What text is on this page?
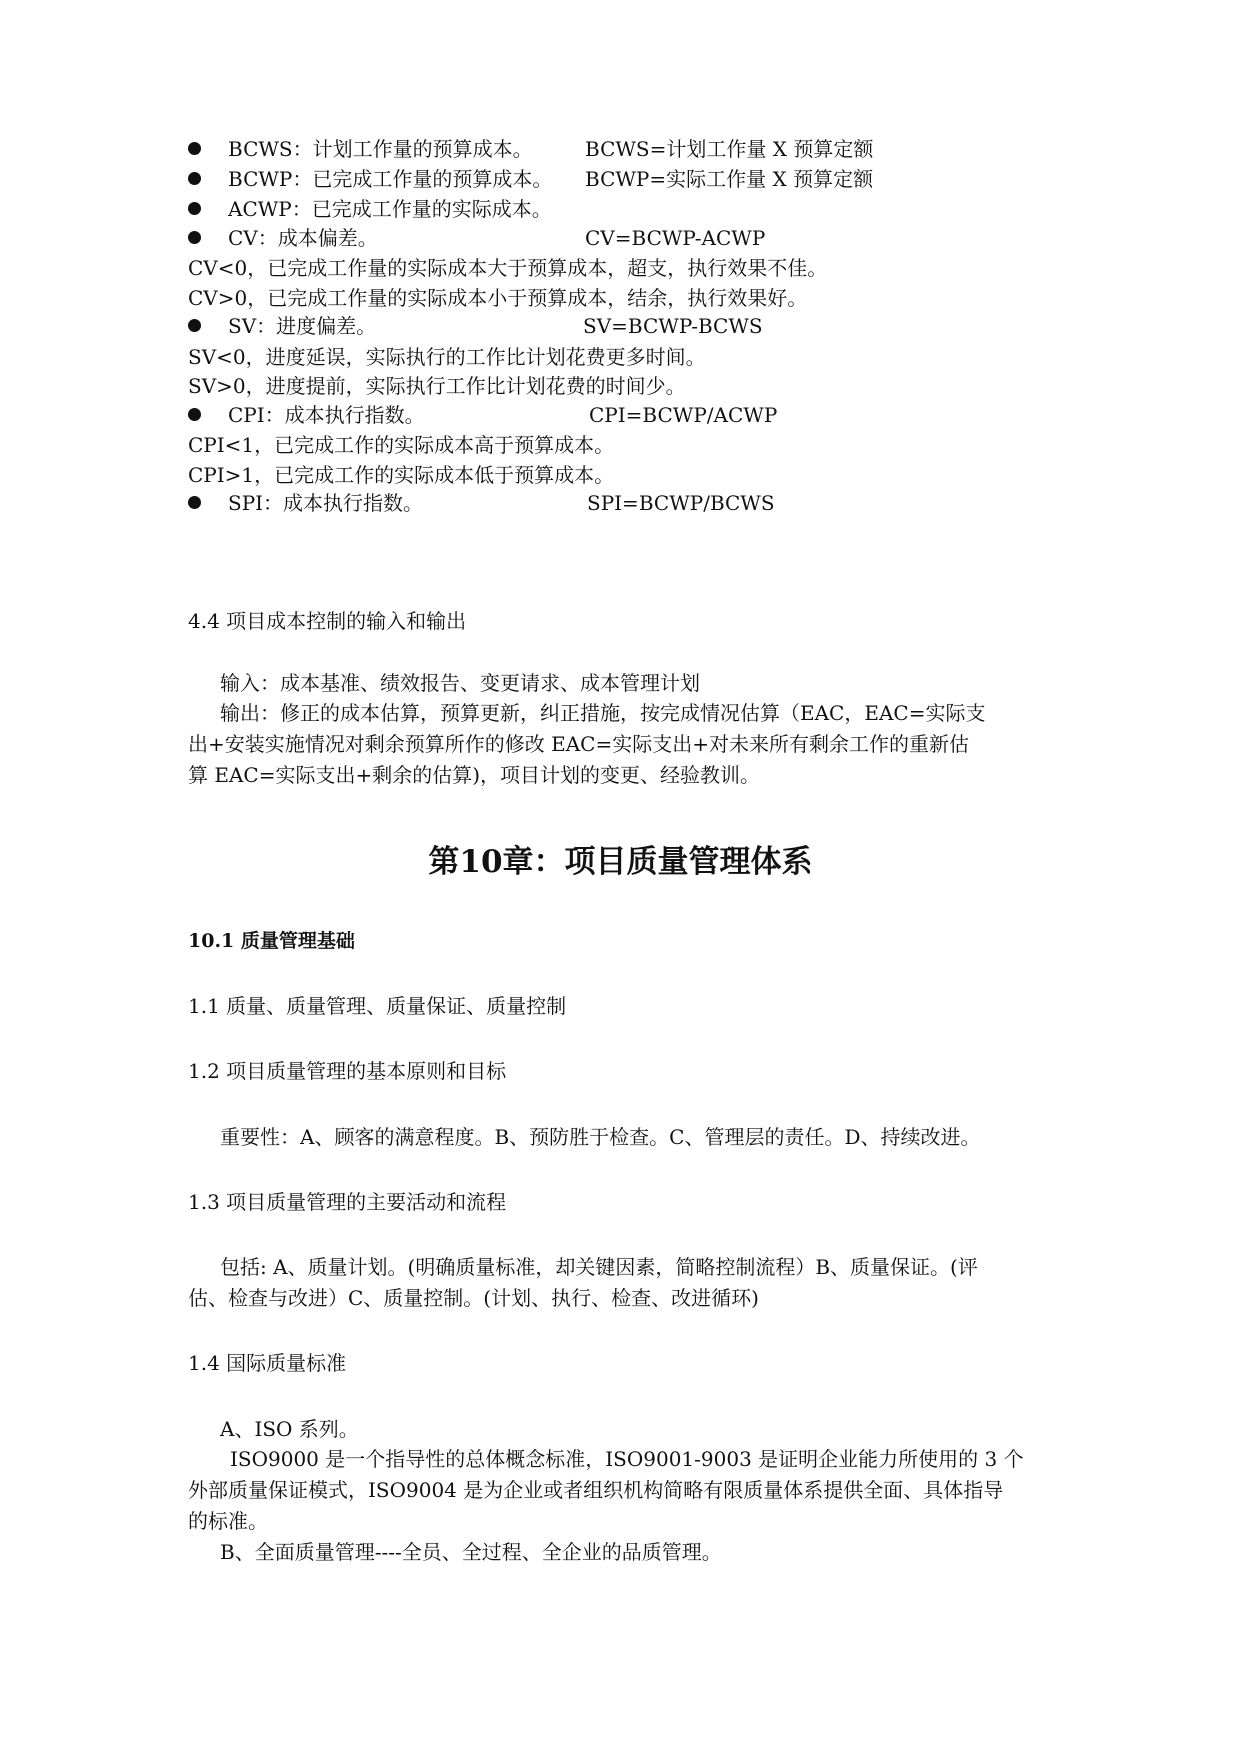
BCWS：计划工作量的预算成本。	BCWS=计划工作量 X 预算定额
BCWP：已完成工作量的预算成本。 BCWP=实际工作量 X 预算定额
ACWP：已完成工作量的实际成本。
CV：成本偏差。	CV=BCWP-ACWP
CV<0，已完成工作量的实际成本大于预算成本，超支，执行效果不佳。
CV>0，已完成工作量的实际成本小于预算成本，结余，执行效果好。
SV：进度偏差。	SV=BCWP-BCWS
SV<0，进度延误，实际执行的工作比计划花费更多时间。
SV>0，进度提前，实际执行工作比计划花费的时间少。
CPI：成本执行指数。	CPI=BCWP/ACWP
CPI<1，已完成工作的实际成本高于预算成本。
CPI>1，已完成工作的实际成本低于预算成本。
SPI：成本执行指数。	SPI=BCWP/BCWS
4.4 项目成本控制的输入和输出
输入：成本基准、绩效报告、变更请求、成本管理计划
输出：修正的成本估算，预算更新，纠正措施，按完成情况估算（EAC，EAC=实际支
出+安装实施情况对剩余预算所作的修改 EAC=实际支出+对未来所有剩余工作的重新估
算 EAC=实际支出+剩余的估算)，项目计划的变更、经验教训。
第10章：项目质量管理体系
10.1 质量管理基础
1.1 质量、质量管理、质量保证、质量控制
1.2 项目质量管理的基本原则和目标
重要性：A、顾客的满意程度。B、预防胜于检查。C、管理层的责任。D、持续改进。
1.3 项目质量管理的主要活动和流程
包括: A、质量计划。(明确质量标准，却关键因素，简略控制流程）B、质量保证。(评
估、检查与改进）C、质量控制。(计划、执行、检查、改进循环)
1.4 国际质量标准
A、ISO 系列。
ISO9000 是一个指导性的总体概念标准，ISO9001-9003 是证明企业能力所使用的 3 个
外部质量保证模式，ISO9004 是为企业或者组织机构简略有限质量体系提供全面、具体指导
的标准。
B、全面质量管理----全员、全过程、全企业的品质管理。
